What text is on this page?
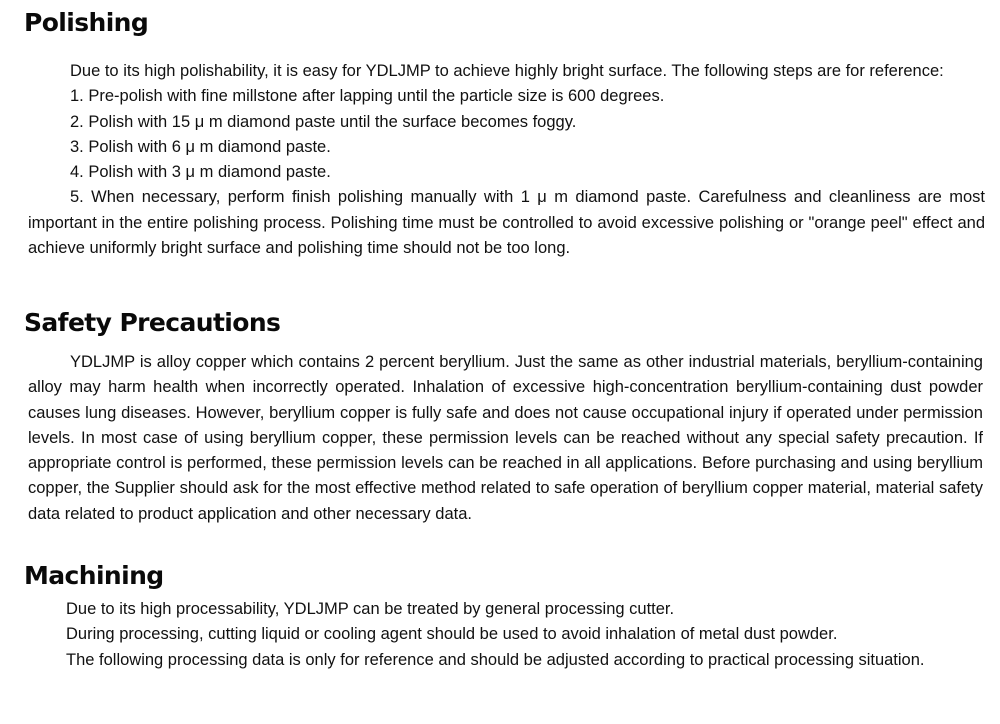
Polishing

Due to its high polishability, it is easy for YDLJMP to achieve highly bright surface. The following steps are for reference:

1. Pre-polish with fine millstone after lapping until the particle size is 600 degrees.

2. Polish with 15 μ m diamond paste until the surface becomes foggy.

3. Polish with 6 μ m diamond paste.

4. Polish with 3 μ m diamond paste.

5. When necessary, perform finish polishing manually with 1 μ m diamond paste. Carefulness and cleanliness are most important in the entire polishing process. Polishing time must be controlled to avoid excessive polishing or "orange peel" effect and achieve uniformly bright surface and polishing time should not be too long.

Safety Precautions

YDLJMP is alloy copper which contains 2 percent beryllium. Just the same as other industrial materials, beryllium-containing alloy may harm health when incorrectly operated. Inhalation of excessive high-concentration beryllium-containing dust powder causes lung diseases. However, beryllium copper is fully safe and does not cause occupational injury if operated under permission levels. In most case of using beryllium copper, these permission levels can be reached without any special safety precaution. If appropriate control is performed, these permission levels can be reached in all applications. Before purchasing and using beryllium copper, the Supplier should ask for the most effective method related to safe operation of beryllium copper material, material safety data related to product application and other necessary data.

Machining

Due to its high processability, YDLJMP can be treated by general processing cutter.

During processing, cutting liquid or cooling agent should be used to avoid inhalation of metal dust powder.

The following processing data is only for reference and should be adjusted according to practical processing situation.
